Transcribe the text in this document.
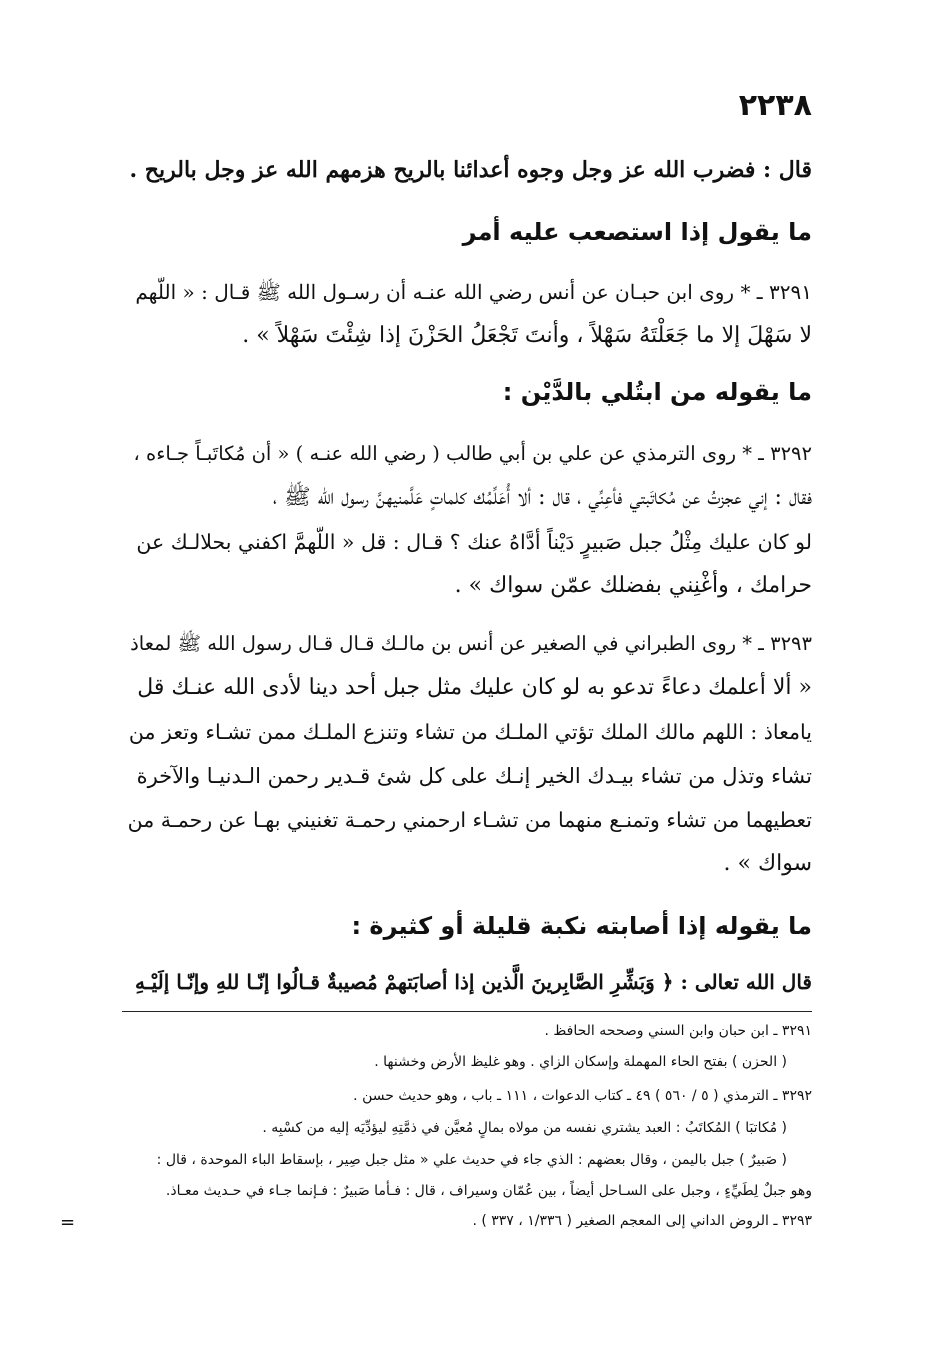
٢٢٣٨
قال : فضرب الله عز وجل وجوه أعدائنا بالريح هزمهم الله عز وجل بالريح .
ما يقول إذا استصعب عليه أمر
٣٢٩١ ـ * روى ابن حبـان عن أنس رضي الله عنـه أن رسـول الله ﷺ قـال : « اللّهم
لا سَهْلَ إلا ما جَعَلْتَهُ سَهْلاً ، وأنتَ تَجْعَلُ الحَزْنَ إذا شِئْتَ سَهْلاً » .
ما يقوله من ابتُلي بالدَّيْن :
٣٢٩٢ ـ * روى الترمذي عن علي بن أبي طالب ( رضي الله عنـه ) « أن مُكاتَبـاً جـاءه ،
فقال : إني عجزتُ عن مُكاتَبتي فأعِنِّي ، قال : ألا أُعَلِّمُك كلماتٍ عَلَّمنيهنَّ رسول الله ﷺ ،
لو كان عليك مِثْلُ جبل صَبيرٍ دَيْناً أدَّاهُ عنك ؟ قـال : قل « اللّهمَّ اكفني بحلالـك عن
حرامك ، وأغْنِني بفضلك عمّن سواك » .
٣٢٩٣ ـ * روى الطبراني في الصغير عن أنس بن مالـك قـال قـال رسول الله ﷺ لمعاذ
« ألا أعلمك دعاءً تدعو به لو كان عليك مثل جبل أحد دينا لأدى الله عنـك قل
يامعاذ : اللهم مالك الملك تؤتي الملـك من تشاء وتنزع الملـك ممن تشـاء وتعز من
تشاء وتذل من تشاء بيـدك الخير إنـك على كل شئ قـدير رحمن الـدنيـا والآخرة
تعطيهما من تشاء وتمنـع منهما من تشـاء ارحمني رحمـة تغنيني بهـا عن رحمـة من
سواك » .
ما يقوله إذا أصابته نكبة قليلة أو كثيرة :
قال الله تعالى : ﴿ وَبَشِّرِ الصَّابِرينَ الَّذين إذا أصابَتهمْ مُصيبةٌ قـالُوا إنّـا للهِ وإنّـا إلَيْـهِ
٣٢٩١ ـ ابن حبان وابن السني وصححه الحافظ .
( الحزن ) بفتح الحاء المهملة وإسكان الزاي . وهو غليظ الأرض وخشنها .
٣٢٩٢ ـ الترمذي ( ٥ / ٥٦٠ ) ٤٩ ـ كتاب الدعوات ، ١١١ ـ باب ، وهو حديث حسن .
( مُكاتبَا ) المُكاتَبُ : العبد يشتري نفسه من مولاه بمالٍ مُعيَّن في ذمَّتِهِ ليؤدِّيَه إليه من كسْبِه .
( صَبيرٌ ) جبل باليمن ، وقال بعضهم : الذي جاء في حديث علي « مثل جبل صِير ، بإسقاط الباء الموحدة ، قال :
وهو جبلٌ لِطَيِّءٍ ، وجبل على السـاحل أيضاً ، بين عُمّان وسيراف ، قال : فـأما صَبيرٌ : فـإنما جـاء في حـديث معـاذ.
٣٢٩٣ ـ الروض الداني إلى المعجم الصغير ( ١/٣٣٦ ، ٣٣٧ ) .
=
